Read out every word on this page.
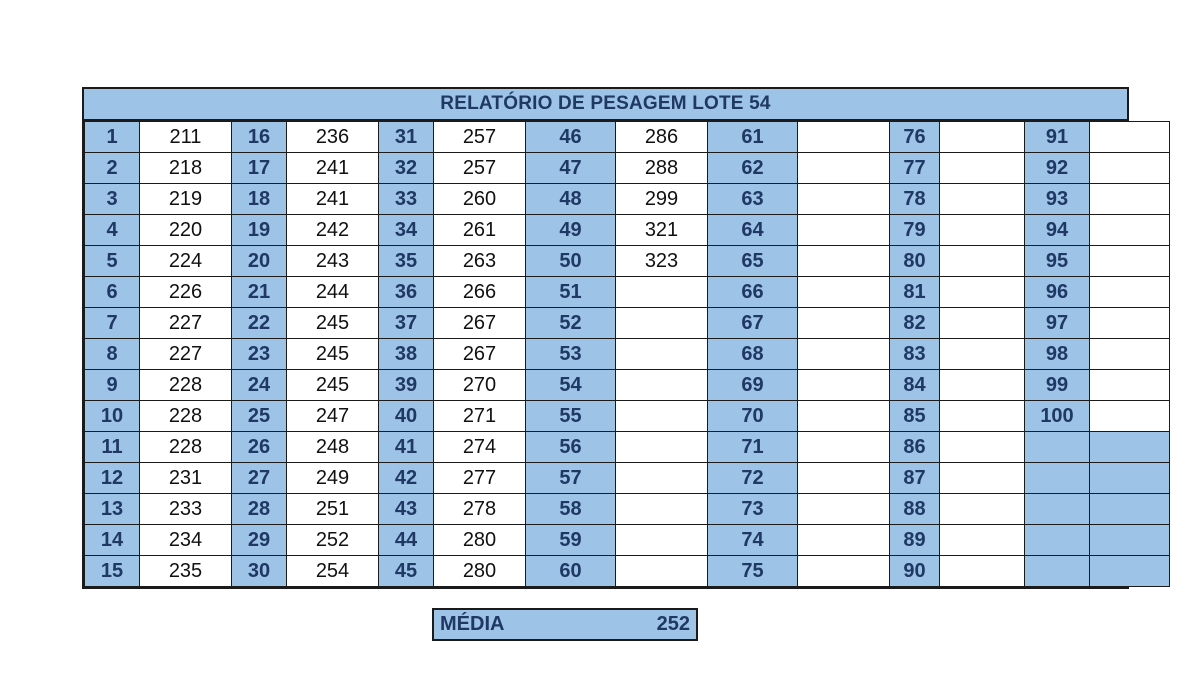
RELATÓRIO DE PESAGEM LOTE 54
1	211	16	236	31	257	46	286	61		76		91	
2	218	17	241	32	257	47	288	62		77		92	
3	219	18	241	33	260	48	299	63		78		93	
4	220	19	242	34	261	49	321	64		79		94	
5	224	20	243	35	263	50	323	65		80		95	
6	226	21	244	36	266	51		66		81		96	
7	227	22	245	37	267	52		67		82		97	
8	227	23	245	38	267	53		68		83		98	
9	228	24	245	39	270	54		69		84		99	
10	228	25	247	40	271	55		70		85		100	
11	228	26	248	41	274	56		71		86			
12	231	27	249	42	277	57		72		87			
13	233	28	251	43	278	58		73		88			
14	234	29	252	44	280	59		74		89			
15	235	30	254	45	280	60		75		90			
MÉDIA	252
